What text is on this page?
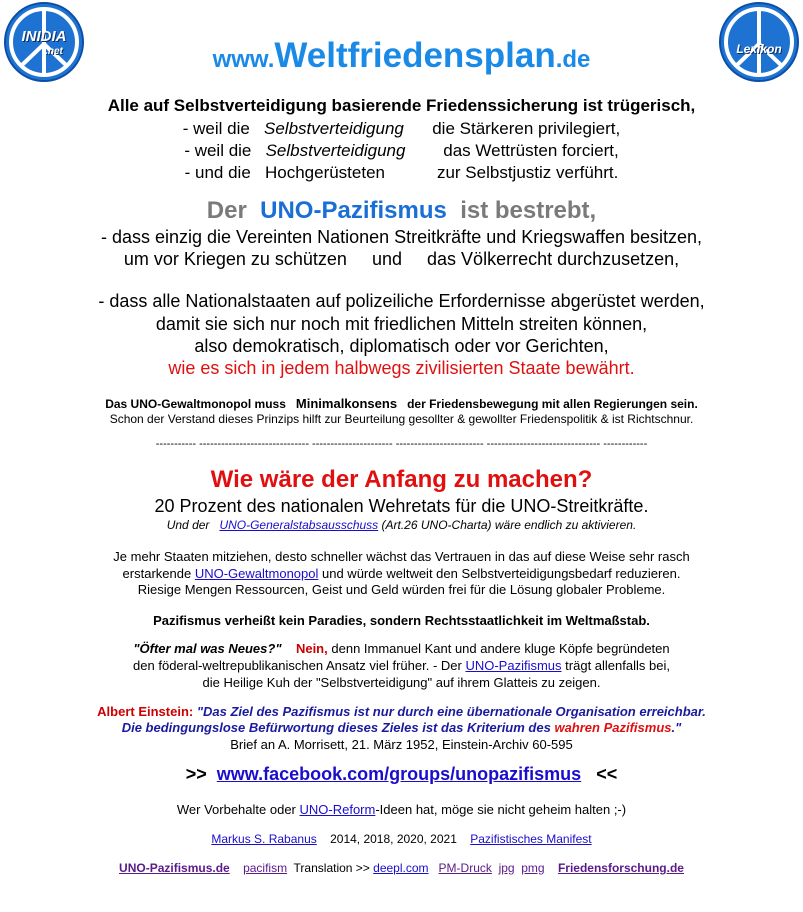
INIDIA
.net	Lexikon
www.Weltfriedensplan.de
Alle auf Selbstverteidigung basierende Friedenssicherung ist trügerisch,
- weil die Selbstverteidigung die Stärkeren privilegiert,
- weil die Selbstverteidigung das Wettrüsten forciert,
- und die Hochgerüsteten	zur Selbstjustiz verführt.
Der UNO-Pazifismus ist bestrebt,
- dass einzig die Vereinten Nationen Streitkräfte und Kriegswaffen besitzen,
um vor Kriegen zu schützen und das Völkerrecht durchzusetzen,
- dass alle Nationalstaaten auf polizeiliche Erfordernisse abgerüstet werden,
damit sie sich nur noch mit friedlichen Mitteln streiten können,
also demokratisch, diplomatisch oder vor Gerichten,
wie es sich in jedem halbwegs zivilisierten Staate bewährt.
Das UNO-Gewaltmonopol muss Minimalkonsens der Friedensbewegung mit allen Regierungen sein.
Schon der Verstand dieses Prinzips hilft zur Beurteilung gesollter & gewollter Friedenspolitik & ist Richtschnur.
----------- ------------------------------ ---------------------- ------------------------ ------------------------------- ------------
Wie wäre der Anfang zu machen?
20 Prozent des nationalen Wehretats für die UNO-Streitkräfte.
Und der UNO-Generalstabsausschuss (Art.26 UNO-Charta) wäre endlich zu aktivieren.
Je mehr Staaten mitziehen, desto schneller wächst das Vertrauen in das auf diese Weise sehr rasch
erstarkende UNO-Gewaltmonopol und würde weltweit den Selbstverteidigungsbedarf reduzieren.
Riesige Mengen Ressourcen, Geist und Geld würden frei für die Lösung globaler Probleme.
Pazifismus verheißt kein Paradies, sondern Rechtsstaatlichkeit im Weltmaßstab.
"Öfter mal was Neues?" Nein, denn Immanuel Kant und andere kluge Köpfe begründeten
den föderal-weltrepublikanischen Ansatz viel früher. - Der UNO-Pazifismus trägt allenfalls bei,
die Heilige Kuh der "Selbstverteidigung" auf ihrem Glatteis zu zeigen.
Albert Einstein: "Das Ziel des Pazifismus ist nur durch eine übernationale Organisation erreichbar.
Die bedingungslose Befürwortung dieses Zieles ist das Kriterium des wahren Pazifismus."
Brief an A. Morrisett, 21. März 1952, Einstein-Archiv 60-595
>> www.facebook.com/groups/unopazifismus <<
Wer Vorbehalte oder UNO-Reform-Ideen hat, möge sie nicht geheim halten ;-)
Markus S. Rabanus 2014, 2018, 2020, 2021 Pazifistisches Manifest
UNO-Pazifismus.de pacifism Translation >> deepl.com PM-Druck jpg pmg Friedensforschung.de
